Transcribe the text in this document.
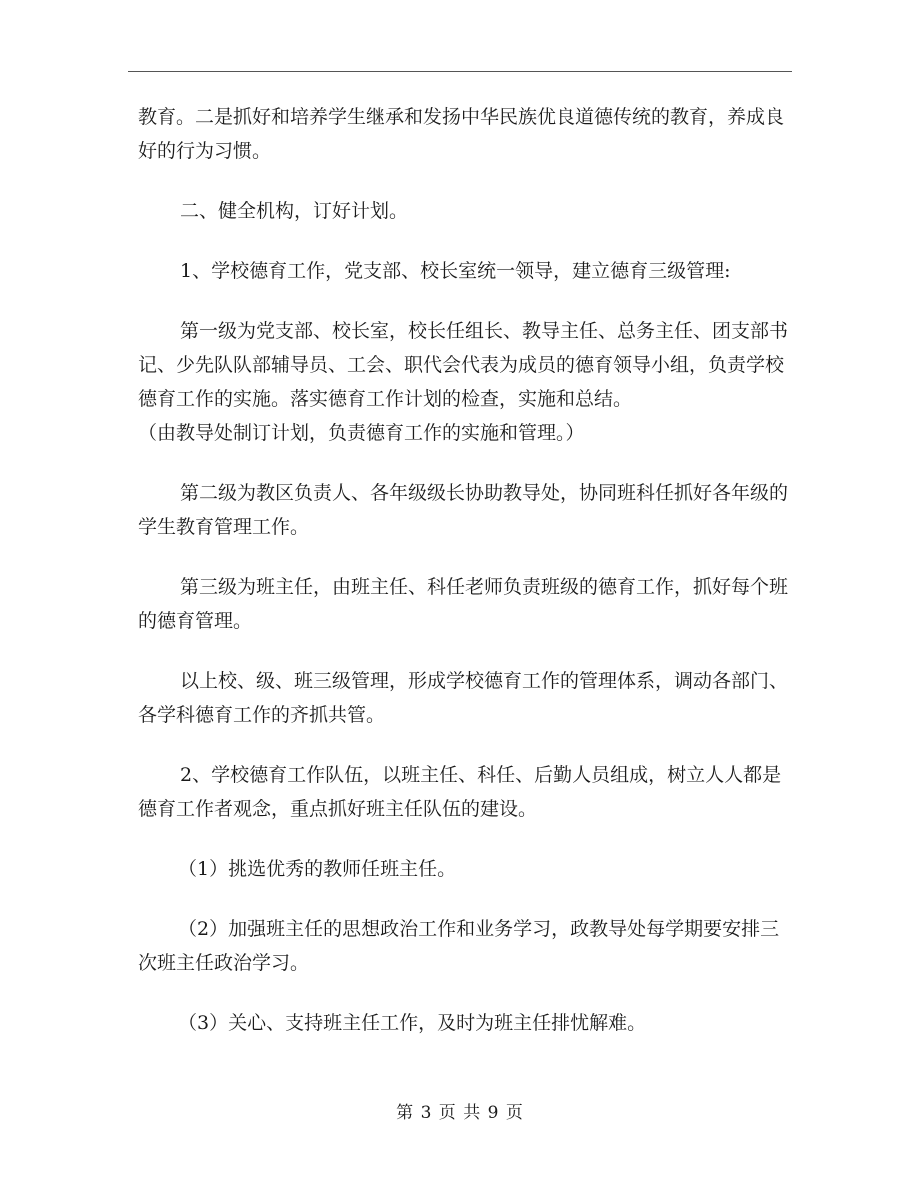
教育。二是抓好和培养学生继承和发扬中华民族优良道德传统的教育，养成良好的行为习惯。

二、健全机构，订好计划。

1、学校德育工作，党支部、校长室统一领导，建立德育三级管理:

第一级为党支部、校长室，校长任组长、教导主任、总务主任、团支部书记、少先队队部辅导员、工会、职代会代表为成员的德育领导小组，负责学校德育工作的实施。落实德育工作计划的检查，实施和总结。

（由教导处制订计划，负责德育工作的实施和管理。）

第二级为教区负责人、各年级级长协助教导处，协同班科任抓好各年级的学生教育管理工作。

第三级为班主任，由班主任、科任老师负责班级的德育工作，抓好每个班的德育管理。

以上校、级、班三级管理，形成学校德育工作的管理体系，调动各部门、各学科德育工作的齐抓共管。

2、学校德育工作队伍，以班主任、科任、后勤人员组成，树立人人都是德育工作者观念，重点抓好班主任队伍的建设。

（1）挑选优秀的教师任班主任。

（2）加强班主任的思想政治工作和业务学习，政教导处每学期要安排三次班主任政治学习。

（3）关心、支持班主任工作，及时为班主任排忧解难。

第 3 页 共 9 页
